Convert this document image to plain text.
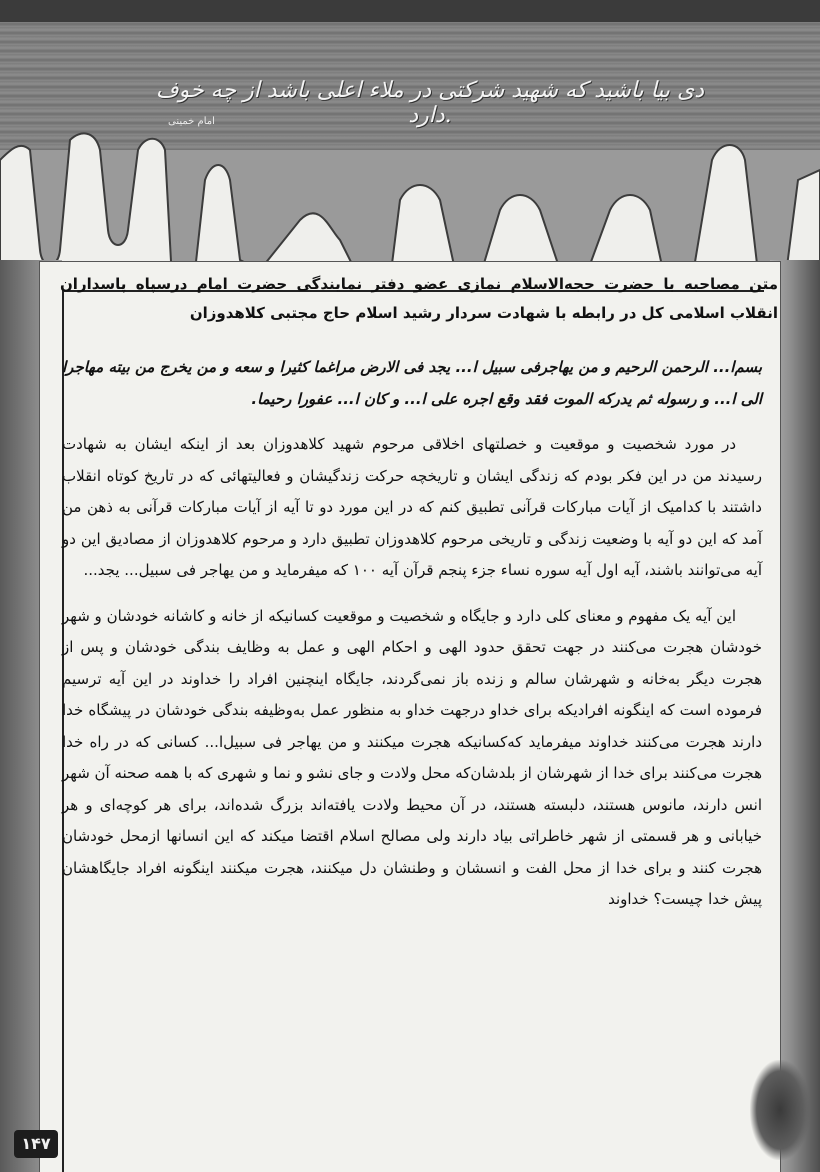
دی بیا باشید که شهید شرکتی در ملاء اعلی باشد از چه خوف دارد.
امام خمینی
متن مصاحبه با حضرت حجه‌الاسلام نمازی عضو دفتر نمایندگی حضرت امام درسپاه پاسداران انقلاب اسلامی کل در رابطه با شهادت سردار رشید اسلام حاج مجتبی کلاهدوزان

بسم‌ا... الرحمن الرحیم و من یهاجرفی سبیل ا... یجد فی الارض مراغما کثیرا و سعه و من یخرج من بیته مهاجرا الی ا... و رسوله ثم یدرکه الموت فقد وقع اجره علی ا... و کان ا... عفورا رحیما.

در مورد شخصیت و موقعیت و خصلتهای اخلاقی مرحوم شهید کلاهدوزان بعد از اینکه ایشان به شهادت رسیدند من در این فکر بودم که زندگی ایشان و تاریخچه حرکت زندگیشان و فعالیتهائی که در تاریخ کوتاه انقلاب داشتند با کدامیک از آیات مبارکات قرآنی تطبیق کنم که در این مورد دو تا آیه از آیات مبارکات قرآنی به ذهن من آمد که این دو آیه با وضعیت زندگی و تاریخی مرحوم کلاهدوزان تطبیق دارد و مرحوم کلاهدوزان از مصادیق این دو آیه می‌توانند باشند، آیه اول آیه سوره نساء جزء پنجم قرآن آیه ۱۰۰ که میفرماید و من یهاجر فی سبیل... یجد...

این آیه یک مفهوم و معنای کلی دارد و جایگاه و شخصیت و موقعیت کسانیکه از خانه و کاشانه خودشان و شهر خودشان هجرت می‌کنند در جهت تحقق حدود الهی و احکام الهی و عمل به وظایف بندگی خودشان و پس از هجرت دیگر به‌خانه و شهرشان سالم و زنده باز نمی‌گردند، جایگاه اینچنین افراد را خداوند در این آیه ترسیم فرموده است که اینگونه افرادیکه برای خداو درجهت خداو به منظور عمل به‌وظیفه بندگی خودشان در پیشگاه خدا دارند هجرت می‌کنند خداوند میفرماید که‌کسانیکه هجرت میکنند و من یهاجر فی سبیل‌ا... کسانی که در راه خدا هجرت می‌کنند برای خدا از شهرشان از بلدشان‌که محل ولادت و جای نشو و نما و شهری که با همه صحنه آن شهر انس دارند، مانوس هستند، دلبسته هستند، در آن محیط ولادت یافته‌اند بزرگ شده‌اند، برای هر کوچه‌ای و هر خیابانی و هر قسمتی از شهر خاطراتی بیاد دارند ولی مصالح اسلام اقتضا میکند که این انسانها ازمحل خودشان هجرت کنند و برای خدا از محل الفت و انسشان و وطنشان دل میکنند، هجرت میکنند اینگونه افراد جایگاهشان پیش خدا چیست؟ خداوند

۱۴۷
